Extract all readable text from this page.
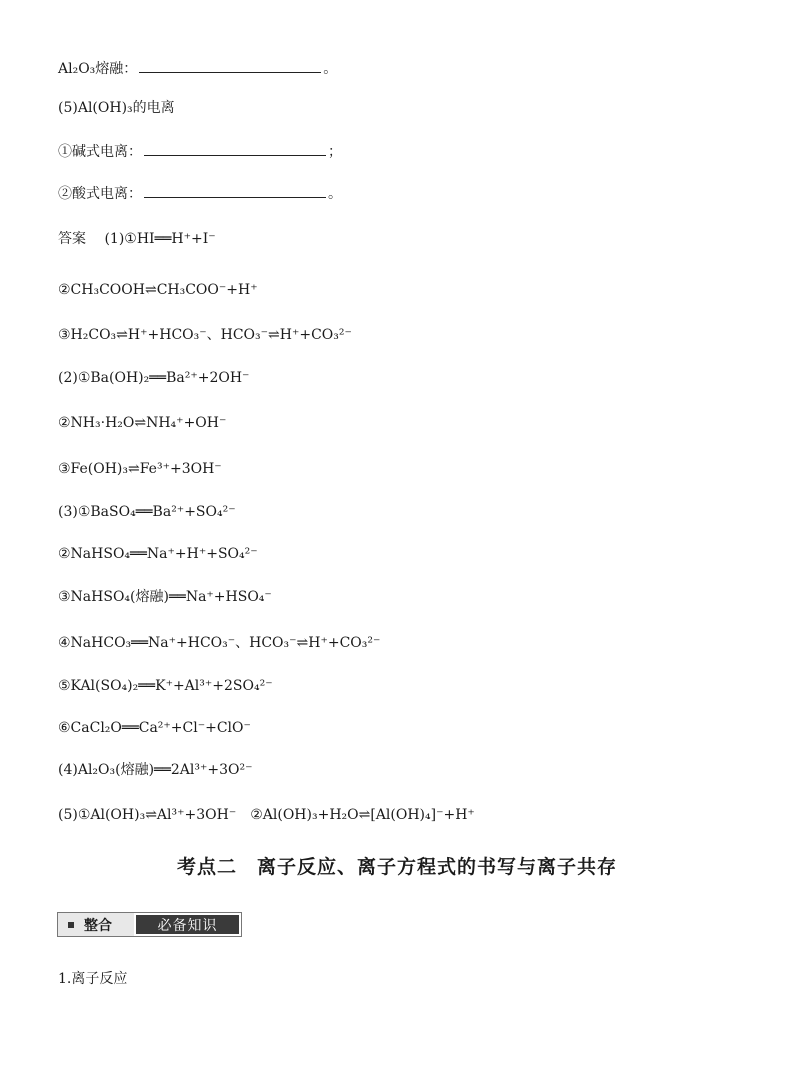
Al₂O₃熔融：	。
(5)Al(OH)₃的电离
①碱式电离：	；
②酸式电离：	。
答案 (1)①HI══H⁺+I⁻
②CH₃COOH⇌CH₃COO⁻+H⁺
③H₂CO₃⇌H⁺+HCO₃⁻、HCO₃⁻⇌H⁺+CO₃²⁻
(2)①Ba(OH)₂══Ba²⁺+2OH⁻
②NH₃·H₂O⇌NH₄⁺+OH⁻
③Fe(OH)₃⇌Fe³⁺+3OH⁻
(3)①BaSO₄══Ba²⁺+SO₄²⁻
②NaHSO₄══Na⁺+H⁺+SO₄²⁻
③NaHSO₄(熔融)══Na⁺+HSO₄⁻
④NaHCO₃══Na⁺+HCO₃⁻、HCO₃⁻⇌H⁺+CO₃²⁻
⑤KAl(SO₄)₂══K⁺+Al³⁺+2SO₄²⁻
⑥CaCl₂O══Ca²⁺+Cl⁻+ClO⁻
(4)Al₂O₃(熔融)══2Al³⁺+3O²⁻
(5)①Al(OH)₃⇌Al³⁺+3OH⁻　②Al(OH)₃+H₂O⇌[Al(OH)₄]⁻+H⁺
考点二　离子反应、离子方程式的书写与离子共存
整合	必备知识
1.离子反应
